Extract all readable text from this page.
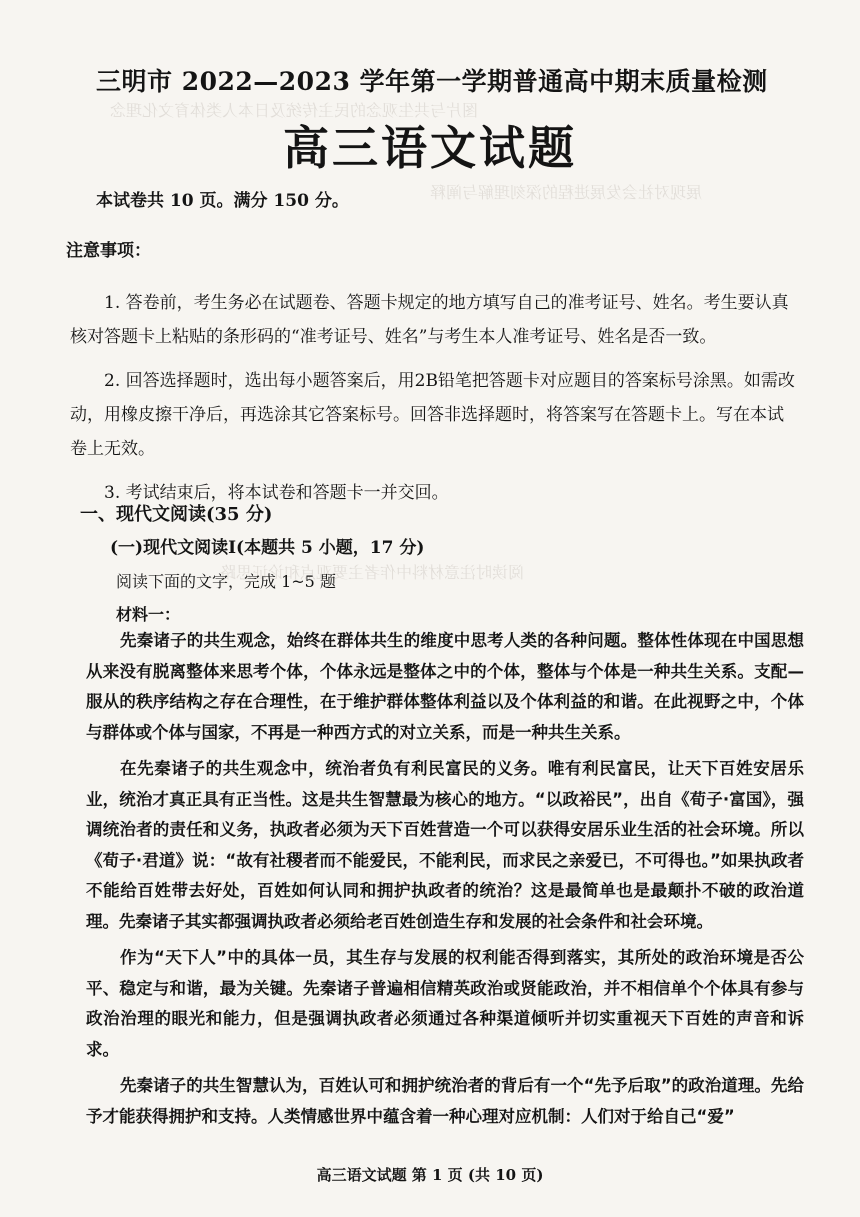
图片与共生观念的民主传统及日本人类体育文化理念
展现对社会发展进程的深刻理解与阐释
阅读时注意材料中作者主要观点和论证思路
三明市 2022—2023 学年第一学期普通高中期末质量检测
高三语文试题
本试卷共 10 页。满分 150 分。
注意事项：

1. 答卷前，考生务必在试题卷、答题卡规定的地方填写自己的准考证号、姓名。考生要认真核对答题卡上粘贴的条形码的“准考证号、姓名”与考生本人准考证号、姓名是否一致。

2. 回答选择题时，选出每小题答案后，用2B铅笔把答题卡对应题目的答案标号涂黑。如需改动，用橡皮擦干净后，再选涂其它答案标号。回答非选择题时，将答案写在答题卡上。写在本试卷上无效。

3. 考试结束后，将本试卷和答题卡一并交回。

一、现代文阅读(35 分)
(一)现代文阅读I(本题共 5 小题，17 分)
阅读下面的文字，完成 1~5 题
材料一：

先秦诸子的共生观念，始终在群体共生的维度中思考人类的各种问题。整体性体现在中国思想从来没有脱离整体来思考个体，个体永远是整体之中的个体，整体与个体是一种共生关系。支配—服从的秩序结构之存在合理性，在于维护群体整体利益以及个体利益的和谐。在此视野之中，个体与群体或个体与国家，不再是一种西方式的对立关系，而是一种共生关系。

在先秦诸子的共生观念中，统治者负有利民富民的义务。唯有利民富民，让天下百姓安居乐业，统治才真正具有正当性。这是共生智慧最为核心的地方。“以政裕民”，出自《荀子·富国》，强调统治者的责任和义务，执政者必须为天下百姓营造一个可以获得安居乐业生活的社会环境。所以《荀子·君道》说：“故有社稷者而不能爱民，不能利民，而求民之亲爱已，不可得也。”如果执政者不能给百姓带去好处，百姓如何认同和拥护执政者的统治？这是最简单也是最颠扑不破的政治道理。先秦诸子其实都强调执政者必须给老百姓创造生存和发展的社会条件和社会环境。

作为“天下人”中的具体一员，其生存与发展的权利能否得到落实，其所处的政治环境是否公平、稳定与和谐，最为关键。先秦诸子普遍相信精英政治或贤能政治，并不相信单个个体具有参与政治治理的眼光和能力，但是强调执政者必须通过各种渠道倾听并切实重视天下百姓的声音和诉求。

先秦诸子的共生智慧认为，百姓认可和拥护统治者的背后有一个“先予后取”的政治道理。先给予才能获得拥护和支持。人类情感世界中蕴含着一种心理对应机制：人们对于给自己“爱”

高三语文试题 第 1 页 (共 10 页)
